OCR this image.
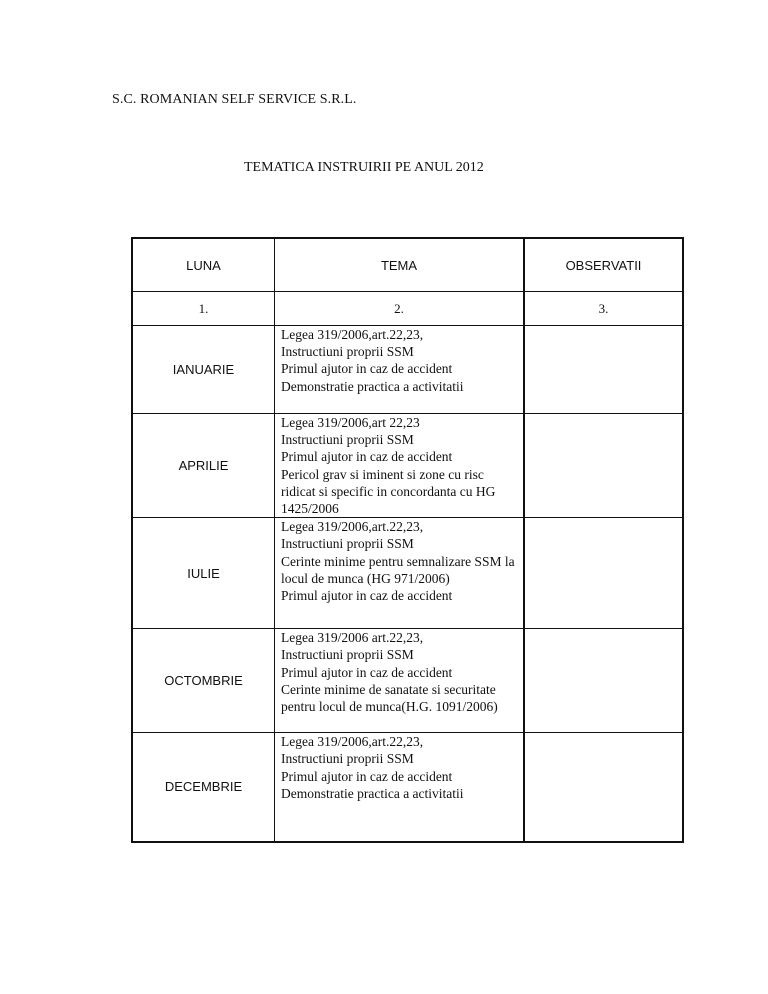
S.C. ROMANIAN SELF SERVICE S.R.L.
TEMATICA INSTRUIRII PE ANUL 2012
LUNA	TEMA	OBSERVATII
1.	2.	3.
IANUARIE	Legea 319/2006,art.22,23,
Instructiuni proprii SSM
Primul ajutor in caz de accident
Demonstratie practica a activitatii	

APRILIE	Legea 319/2006,art 22,23
Instructiuni proprii SSM
Primul ajutor in caz de accident
Pericol grav si iminent si zone cu risc ridicat si specific in concordanta cu HG 1425/2006	

IULIE	Legea 319/2006,art.22,23,
Instructiuni proprii SSM
Cerinte minime pentru semnalizare SSM la locul de munca (HG 971/2006)
Primul ajutor in caz de accident	

OCTOMBRIE	Legea 319/2006 art.22,23,
Instructiuni proprii SSM
Primul ajutor in caz de accident
Cerinte minime de sanatate si securitate pentru locul de munca(H.G. 1091/2006)	

DECEMBRIE	Legea 319/2006,art.22,23,
Instructiuni proprii SSM
Primul ajutor in caz de accident
Demonstratie practica a activitatii	
